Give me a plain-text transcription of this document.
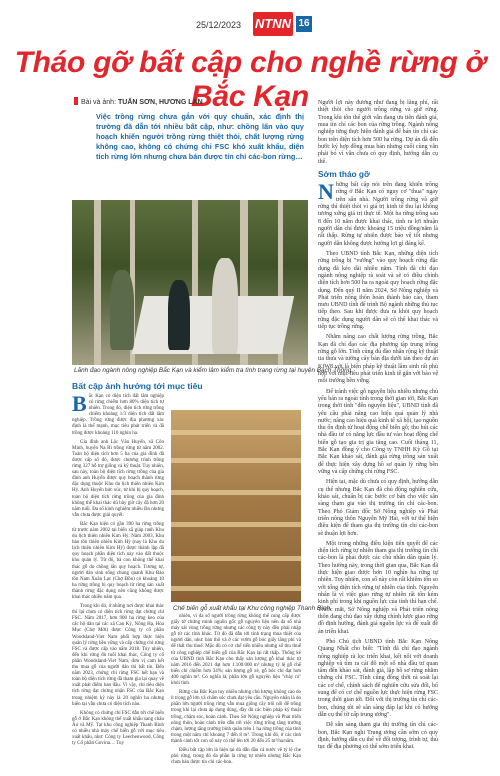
25/12/2023 NTNN 16
Tháo gỡ bất cập cho nghề rừng ở Bắc Kạn
Bài và ảnh: TUẤN SƠN, HƯƠNG LAN
Việc trồng rừng chưa gắn với quy chuẩn, xác định thị trường đã dẫn tới nhiều bất cập, như: chồng lấn vào quy hoạch khiến người trồng rừng thiệt thòi, chất lượng rừng không cao, không có chứng chỉ FSC khó xuất khẩu, diện tích rừng lớn nhưng chưa bán được tín chỉ các-bon rừng…
Lãnh đạo ngành nông nghiệp Bắc Kạn và kiểm lâm kiểm tra tình trạng rừng tại huyện Bạch Thông.
Chế biến gỗ xuất khẩu tại Khu công nghiệp Thanh Bình.
Bất cập ảnh hưởng tới mục tiêu

Bắc Kạn có diện tích đất lâm nghiệp có rừng chiếm hơn 80% diện tích tự nhiên. Trong đó, diện tích rừng trồng chiếm khoảng 1/3 diện tích đất lâm nghiệp. Trồng rừng được địa phương xác định là thế mạnh, mục tiêu phát triển và đã trồng được khoảng 110 nghìn ha.

Gia đình anh Lộc Văn Huyến, xã Côn Minh, huyện Na Rì trồng rừng từ năm 2002. Toàn bộ diện tích hơn 5 ha của gia đình đã được cấp sổ đỏ, được chương trình trồng rừng 327 hỗ trợ giống và kỹ thuật. Tuy nhiên, sau này, toàn bộ diện tích rừng trồng của gia đình anh Huyến được quy hoạch thành rừng đặc dụng thuộc Khu du lịch thiên nhiên Kim Hỷ. Anh Huyến bức xúc, từ khi bị quy hoạch, toàn bộ diện tích rừng trồng của gia đình không thể khai thác dù bây giờ cây đã hơn 20 năm tuổi. Đa số kinh nghiệm nhiều lần nhưng vẫn chưa được giải quyết.

Bắc Kạn hiện có gần 390 ha rừng trồng từ trước năm 2002 tại biến xã giáp ranh Khu du lịch thiên nhiên Kim Hỷ. Năm 2003, Khu bảo tồn thiên nhiên Kim Hỷ (nay là Khu du lịch thiên nhiên Kim Hỷ) được thành lập đã quy hoạch phần diện tích này vào đất thuộc khu quản lý. Từ đó, bà con không thể khai thác gỗ do chồng lấn quy hoạch. Tương tự, người dân sinh sống chung quanh Khu Bảo tồn Nam Xuân Lạc (Chợ Đồn) có khoảng 10 ha rừng trồng bị quy hoạch từ rừng sản xuất thành rừng đặc dụng nên cũng không được khai thác nhiều năm qua.

Trong khi đó, ở những nơi được khai thác thì lại chưa có diện tích rừng đạt chứng chỉ FSC. Năm 2017, hơn 900 ha rừng keo của các hộ dân tại các xã Cao Kỳ, Nông Hạ, Hòa Mục (Chợ Mới) được Công ty cổ phần Woodsland-Viet Nam phối hợp thực hiện quản lý rừng bền vững và cấp chứng chỉ rừng FSC và được cấp vào năm 2018. Tuy nhiên, đến khi rừng đủ tuổi khai thác, Công ty cổ phần Woodsland-Viet Nam, đơn vị cam kết thu mua gỗ của người dân thì bất tín. Đến năm 2023, chứng chỉ rừng FSC hết hạn và toàn bộ diện tích rừng đã tham gia lại quay về xuất phát điểm ban đầu. Vì vậy, chỉ tiêu diện tích rừng đạt chứng nhận FSC của Bắc Kạn trong nhiệm kỳ này là 20 nghìn ha nhưng hiện tại vẫn chưa có diện tích nào.

Không có chứng chỉ FSC dẫn tới chế biến gỗ ở Bắc Kạn không thể xuất khẩu sang châu Âu và Mỹ. Tại khu công nghiệp Thanh Bình có nhiều nhà máy chế biến gỗ với mục tiêu xuất khẩu, như: Công ty Leechenwood, Công ty Cổ phần Govina… Tuy

nhiên, vì đa số người trồng rừng không thể cung cấp được giấy tờ chứng minh nguồn gốc gỗ nguyên liệu nên đa số nhà máy sát vùng trồng rừng nhưng các công ty này đều phải nhập gỗ từ các tỉnh khác. Từ đó đã dẫn tới tình trạng thua thiệt của người dân, như: bán thô và ở các vườn gỗ bóc giấy lăng phí và để thất thu thuế. Mặc dù có cơ chế tiến nhiều nhưng số thu thuế từ công nghiệp chế biến gỗ của Bắc Kạn lại rất thấp. Thống kê của UBND tỉnh Bắc Kạn cho thấy sản lượng gỗ khai thác từ năm 2016 đến 2021 đạt hơn 1.100.000 m³ nhưng tỷ lệ gỗ chế biến chỉ chiếm hơn 34%; sản lượng gỗ xẻ, gỗ bóc chỉ đạt hơn 400 nghìn m³. Có nghĩa là, phần lớn gỗ nguyên liệu "chảy ra" khỏi tỉnh.

Rừng của Bắc Kạn tuy nhiều nhưng chủ lượng không cao do ít trọng gỗ lớn và chăm sóc chưa đạt yêu cầu. Nguyên nhân là do phần lớn người trồng rừng vẫn mua giống cây trôi nổi để trồng trong khi lại chưa áp dụng đúng, đầy đủ các biện pháp kỹ thuật trồng, chăm sóc, hoàn cảnh. Theo Sở Nông nghiệp và Phát triển nông thôn, hoàn cảnh trên dẫn tới việc rừng trồng tăng trưởng chậm, lượng tăng trưởng bình quân trên 1 ha rừng trồng của tỉnh trong một năm chỉ khoảng 7 đến 8 m³. Trong khi đó, ở các tỉnh thành cảnh tốt con số này có thể lên tới 20 đến 25 m³/ha/năm.

Điều bất cập lớn là hiện tại dù dẫn đầu cả nước về tỷ lệ che phủ rừng, trong đó đa phần là rừng tự nhiên nhưng Bắc Kạn chưa bán được tín chỉ các-bon.

Người lợi này đương như đang bị lãng phí, rất thiệt thòi cho người trồng rừng và giữ rừng. Trong khi tôn thể giới vẫn đang ưu tiên đánh giá, mua tín chỉ các bon của rừng trồng. Ngành nông nghiệp từng thực hiện đánh giá để bán tín chỉ các bon trên diện tích hơn 500 ha rừng. Dự án đã đến bước ký hợp đồng mua bán nhưng cuối cùng vẫn phải bỏ vì vẫn chưa có quy định, hướng dẫn cụ thể.

Sớm tháo gỡ

Những bất cập nói trên đang khiến trồng rừng ở Bắc Kạn có nguy cơ "thua" ngay trên sân nhà. Người trồng rừng và giữ rừng thì thiệt thòi vì giá trị kinh tế thu lại không tương xứng giá trị thực tế. Một ha rừng trồng sau 8 đến 10 năm được khai thác, tính ra lợi nhuận người dân chỉ được khoảng 15 triệu đồng/năm là rất thấp. Rừng tự nhiên được bảo vệ tốt nhưng người dân không được hưởng lợi gì đáng kể.

Theo UBND tỉnh Bắc Kạn, những diện tích rừng trồng bị "vướng" vào quy hoạch rừng đặc dụng đã kéo dài nhiều năm. Tỉnh đã chỉ đạo ngành nông nghiệp rà soát và sẽ có điều chỉnh diện tích hơn 500 ha ra ngoài quy hoạch rừng đặc dụng. Đến quý II năm 2024, Sở Nông nghiệp và Phát triển nông thôn hoàn thành báo cáo, tham mưu UBND tỉnh để trình Bộ ngành những thủ tục tiếp theo. Sau khi được đưa ra khỏi quy hoạch rừng đặc dụng người dân sẽ có thể khai thác và tiếp tục trồng rừng.

Nhằm nâng cao chất lượng rừng trồng, Bắc Kạn đã chỉ đạo các địa phương tập trung trồng rừng gỗ lớn. Tính cùng đủ đào nhân rộng kỹ thuật tia thưa và tưởng cây bản địa dưới tán theo dự án KfW8 với là biện pháp kỹ thuật lâm sinh rất phù hợp với mục tiêu phát triển kinh tế gắn với bảo vệ môi trường bền vững.

Để tránh việc gỗ nguyên liệu nhiều nhưng chủ yếu bán ra ngoài tỉnh trong thời gian tới, Bắc Kạn trong thời tỉnh "đến nguyên liệu", UBND tỉnh đã yêu cầu phải nâng cao hiệu quả quản lý nhà nước; nâng cao hiệu quả kinh tế xã hội, tạo nguồn thu ổn định từ hoạt động chế biến gỗ; thu hút các nhà đầu tư có năng lực đầu tư vào hoạt động chế biến gỗ tạo gia trị gia tăng cao. Cuối tháng 11, Bắc Kạn đồng ý cho Công ty TNHH Kỳ Gỗ tại Bắc Kạn khảo sát, đánh giá rừng trồng sản xuất để thực hiện xây dựng hồ sơ quản lý rừng bền vững và cấp chứng chỉ rừng FSC.

Hiện tại, mặc dù chưa có quy định, hướng dẫn cụ thể nhưng Bắc Kạn đã chủ động nghiên cứu, khảo sát, chuẩn bị các bước cơ bản cho việc sẵn sàng tham gia vào thị trường tín chỉ các-bon. Theo Phó Giám đốc Sở Nông nghiệp và Phát triển nông thôn Nguyễn Mỹ Hải, với tư thế hiện điều kiện để tham gia thị trường tín chỉ các-bon sẽ thuận lợi hơn.

Một trong những điều kiện tiên quyết để các diện tích rừng tự nhiên tham gia thị trường tín chỉ các-bon là phải được các chủ nhân dân quản lý. Theo hướng này, trong thời gian qua, Bắc Kạn đã thực hiện giao được hơn 10 nghìn ha rừng tự nhiên. Tuy nhiên, con số này còn rất khiêm tốn so với tổng diện tích rừng tự nhiên của tỉnh. Nguyên nhân là vì việc giao rừng tự nhiên rất tốn kém kinh phí trong khi nguồn lực của tỉnh thì hạn chế. Trước mắt, Sở Nông nghiệp và Phát triển nông thôn đang chủ đạo xây dựng chính lược giao rừng đồ định hướng, đánh giá nguồn lực và để xuất đề án triển khai.

Phó Chủ tịch UBND tỉnh Bắc Kạn Nông Quang Nhất cho biết: "Tỉnh đã chỉ đạo ngành nông nghiệp rà lọc triển khai, kết nối với doanh nghiệp và tìm ra cái đô một số nhà đầu tư quan tâm đến khảo sát, đánh giá, lập hồ sơ rừng nhằm chứng chỉ FSC. Tính cũng đồng thời rà soát lại các cơ chế, chính sách để nghiên cứu sửa đổi, bổ sung để có cơ chế nguồn lực thực hiện rừng FSC trong thời gian tới. Đối với thị trường tín chỉ các-bon, chúng tôi sẽ sẵn sàng đáp lại khi có hướng dẫn cụ thể từ cấp trung ương".

Dễ sẵn sàng tham gia thị trường tín chỉ các-bon, Bắc Kạn nghi Trung ương cần sớm có quy định, hướng dẫn cụ thể về đối tượng, trình tự, thủ tục để địa phương có thể sớm triển khai.
